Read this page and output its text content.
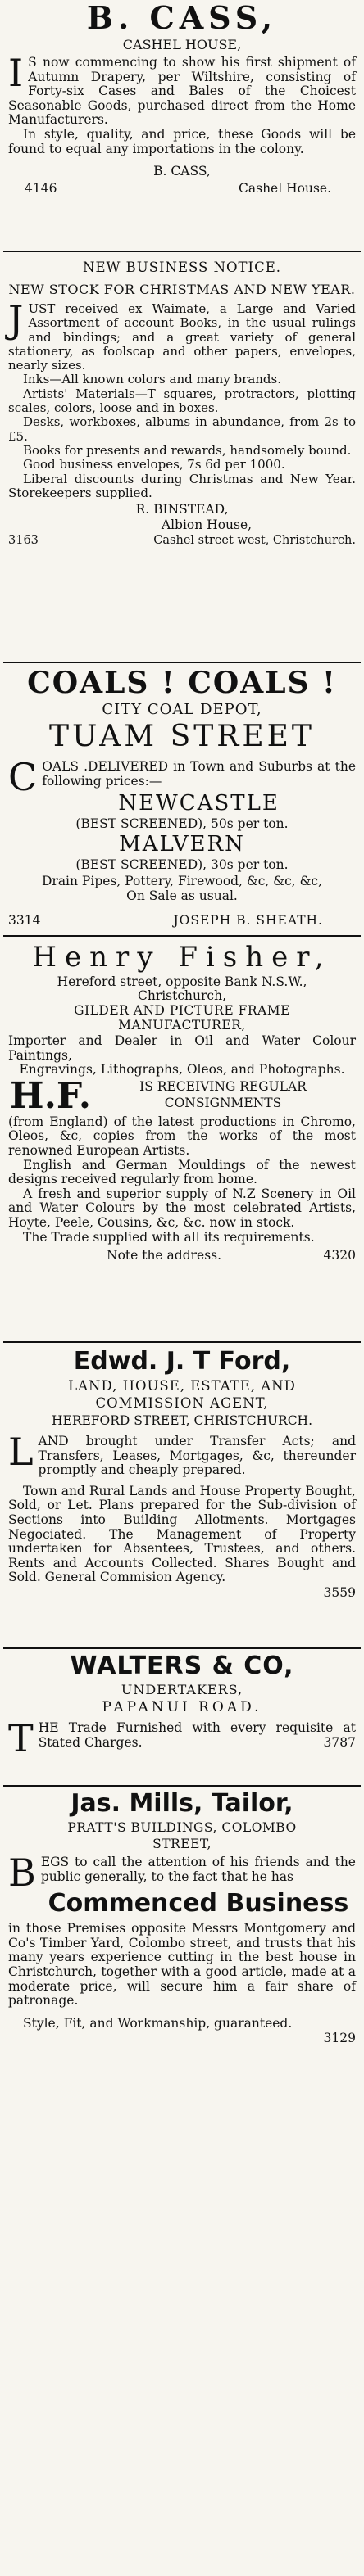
B. CASS,
CASHEL HOUSE,
I S now commencing to show his first shipment of Autumn Drapery, per Wiltshire, consisting of Forty-six Cases and Bales of the Choicest Seasonable Goods, purchased direct from the Home Manufacturers.

In style, quality, and price, these Goods will be found to equal any importations in the colony.

B. CASS,
4146	Cashel House.
NEW BUSINESS NOTICE.
NEW STOCK FOR CHRISTMAS AND NEW YEAR.
J UST received ex Waimate, a Large and Varied Assortment of account Books, in the usual rulings and bindings; and a great variety of general stationery, as foolscap and other papers, envelopes, nearly sizes.

Inks—All known colors and many brands.

Artists' Materials—T squares, protractors, plotting scales, colors, loose and in boxes.

Desks, workboxes, albums in abundance, from 2s to £5.

Books for presents and rewards, handsomely bound.

Good business envelopes, 7s 6d per 1000.

Liberal discounts during Christmas and New Year. Storekeepers supplied.

R. BINSTEAD,
Albion House,
3163	Cashel street west, Christchurch.
COALS ! COALS !
CITY COAL DEPOT,
TUAM STREET
C OALS .DELIVERED in Town and Suburbs at the following prices:—

NEWCASTLE
(BEST SCREENED), 50s per ton.
MALVERN
(BEST SCREENED), 30s per ton.
Drain Pipes, Pottery, Firewood, &c, &c, &c,
On Sale as usual.
3314	JOSEPH B. SHEATH.
Henry Fisher,
Hereford street, opposite Bank N.S.W.,
Christchurch,
GILDER AND PICTURE FRAME
MANUFACTURER,

Importer and Dealer in Oil and Water Colour Paintings,

Engravings, Lithographs, Oleos, and Photographs.

H.F.	IS RECEIVING REGULAR
CONSIGNMENTS

(from England) of the latest productions in Chromo, Oleos, &c, copies from the works of the most renowned European Artists.

English and German Mouldings of the newest designs received regularly from home.

A fresh and superior supply of N.Z Scenery in Oil and Water Colours by the most celebrated Artists, Hoyte, Peele, Cousins, &c, &c. now in stock.

The Trade supplied with all its requirements.

Note the address.	4320
Edwd. J. T Ford,
LAND, HOUSE, ESTATE, AND
COMMISSION AGENT,
HEREFORD STREET, CHRISTCHURCH.
L AND brought under Transfer Acts; and Transfers, Leases, Mortgages, &c, thereunder promptly and cheaply prepared.

Town and Rural Lands and House Property Bought, Sold, or Let. Plans prepared for the Sub-division of Sections into Building Allotments. Mortgages Negociated. The Management of Property undertaken for Absentees, Trustees, and others. Rents and Accounts Collected. Shares Bought and Sold. General Commision Agency.

3559
WALTERS & CO,
UNDERTAKERS,
PAPANUI ROAD.
T HE Trade Furnished with every requisite at Stated Charges.	3787
Jas. Mills, Tailor,
PRATT'S BUILDINGS, COLOMBO
STREET,
B EGS to call the attention of his friends and the public generally, to the fact that he has

Commenced Business

in those Premises opposite Messrs Montgomery and Co's Timber Yard, Colombo street, and trusts that his many years experience cutting in the best house in Christchurch, together with a good article, made at a moderate price, will secure him a fair share of patronage.

Style, Fit, and Workmanship, guaranteed.

3129
